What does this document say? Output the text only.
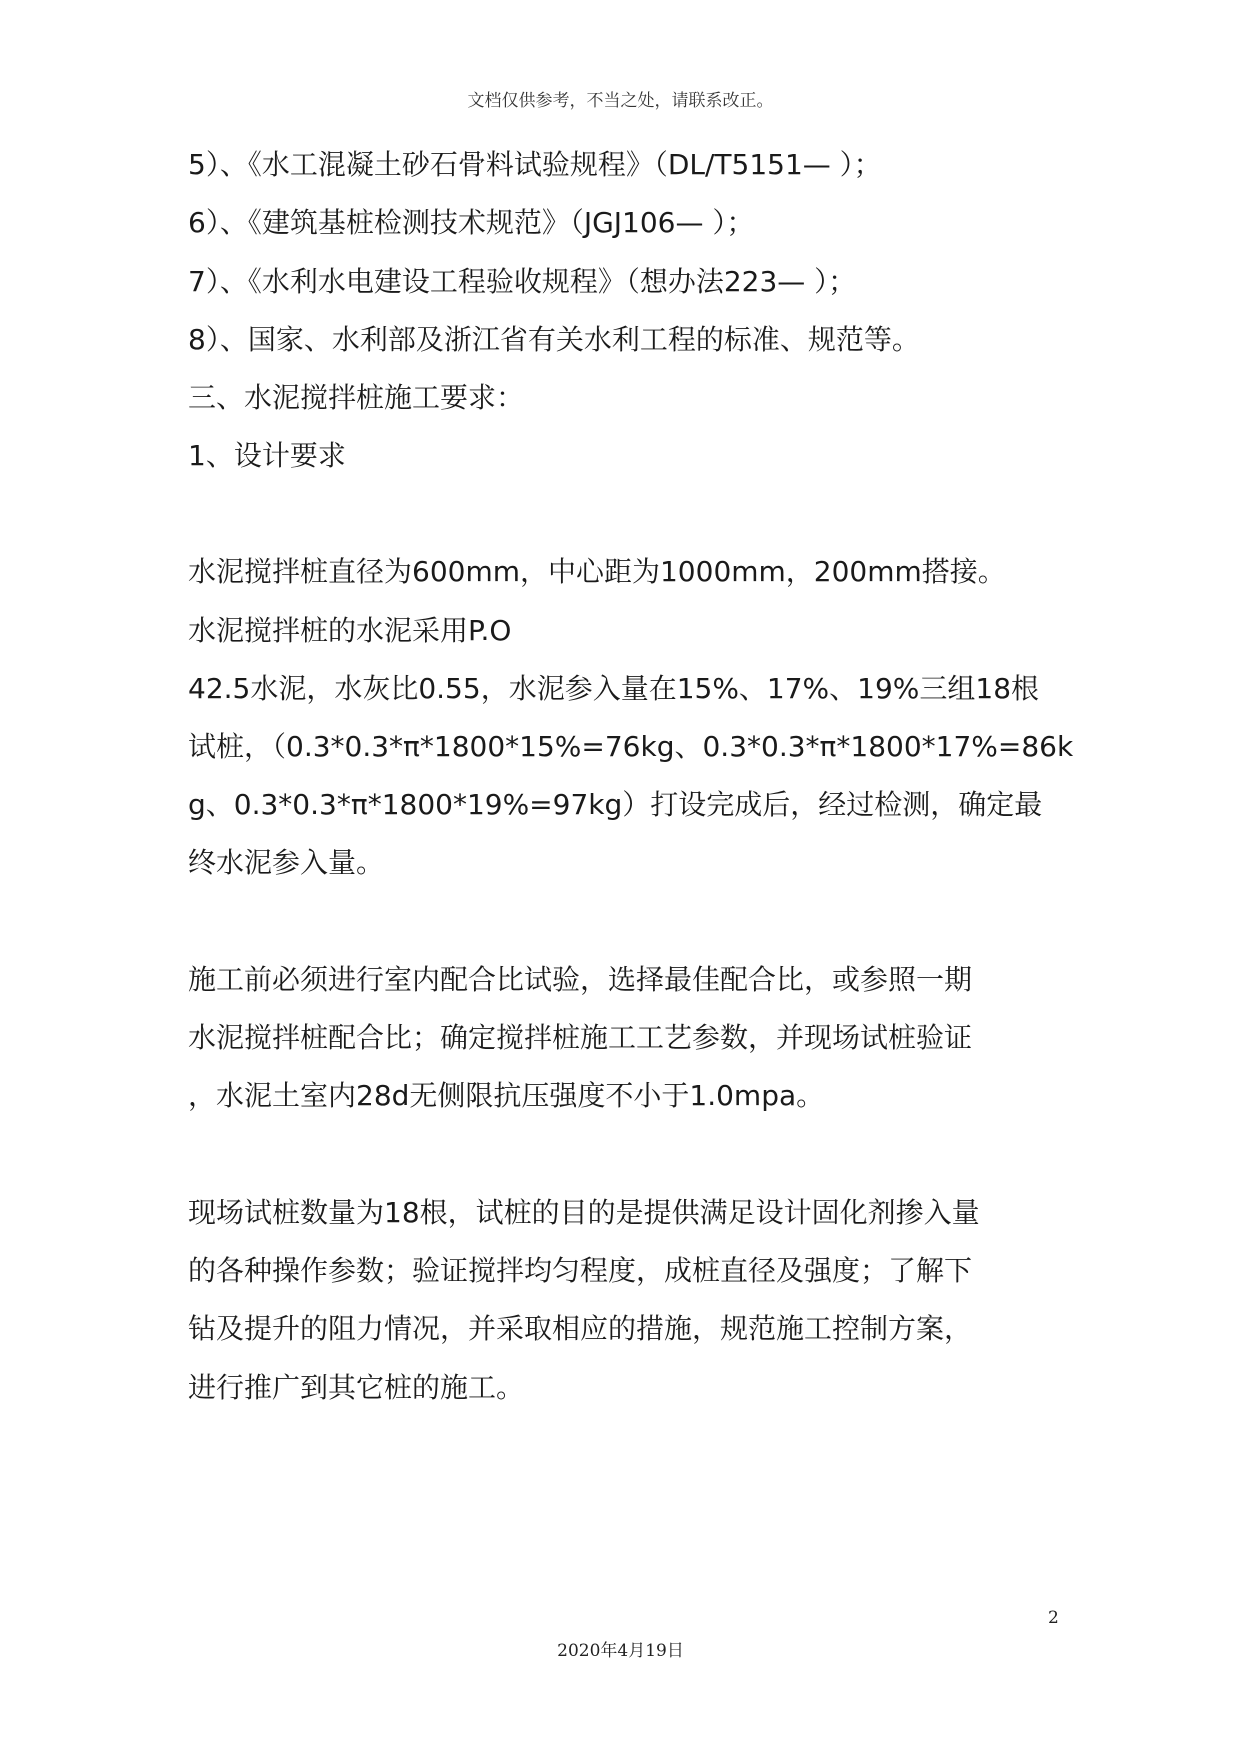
文档仅供参考，不当之处，请联系改正。
5）、《水工混凝土砂石骨料试验规程》（DL/T5151— ）；
6）、《建筑基桩检测技术规范》（JGJ106— ）；
7）、《水利水电建设工程验收规程》（想办法223— ）；
8）、国家、水利部及浙江省有关水利工程的标准、规范等。
三、水泥搅拌桩施工要求：
1、设计要求
水泥搅拌桩直径为600mm，中心距为1000mm，200mm搭接。
水泥搅拌桩的水泥采用P.O
42.5水泥，水灰比0.55，水泥参入量在15%、17%、19%三组18根
试桩，（0.3*0.3*π*1800*15%=76kg、0.3*0.3*π*1800*17%=86k
g、0.3*0.3*π*1800*19%=97kg）打设完成后，经过检测，确定最
终水泥参入量。
施工前必须进行室内配合比试验，选择最佳配合比，或参照一期
水泥搅拌桩配合比；确定搅拌桩施工工艺参数，并现场试桩验证
，水泥土室内28d无侧限抗压强度不小于1.0mpa。
现场试桩数量为18根，试桩的目的是提供满足设计固化剂掺入量
的各种操作参数；验证搅拌均匀程度，成桩直径及强度；了解下
钻及提升的阻力情况，并采取相应的措施，规范施工控制方案，
进行推广到其它桩的施工。
2
2020年4月19日
